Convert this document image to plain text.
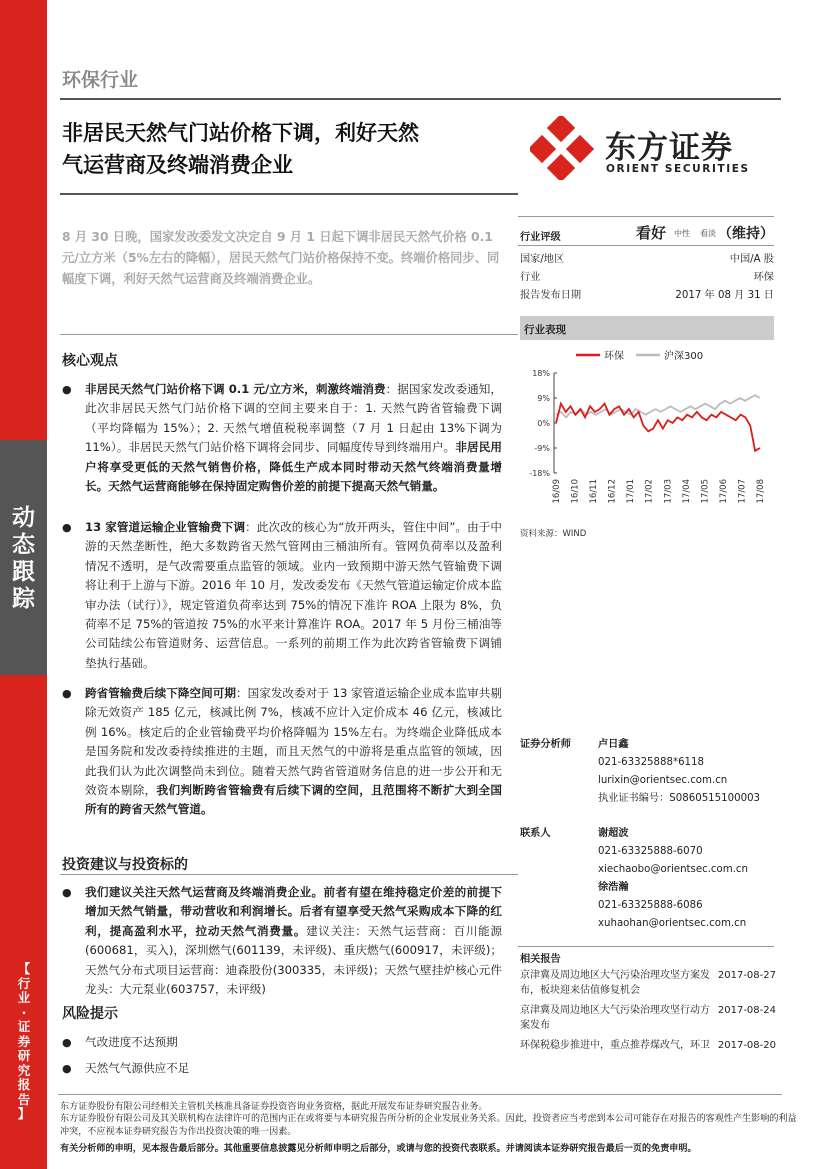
动
态
跟
踪
【
行
业
·
证
券
研
究
报
告
】
环保行业
非居民天然气门站价格下调，利好天然
气运营商及终端消费企业	东方证券
ORIENT SECURITIES
8 月 30 日晚，国家发改委发文决定自 9 月 1 日起下调非居民天然气价格 0.1 元/立方米（5%左右的降幅），居民天然气门站价格保持不变。终端价格同步、同幅度下调，利好天然气运营商及终端消费企业。
核心观点
● 非居民天然气门站价格下调 0.1 元/立方米，刺激终端消费：据国家发改委通知，此次非居民天然气门站价格下调的空间主要来自于：1. 天然气跨省管输费下调（平均降幅为 15%）；2. 天然气增值税税率调整（7 月 1 日起由 13%下调为 11%）。非居民天然气门站价格下调将会同步、同幅度传导到终端用户。非居民用户将享受更低的天然气销售价格，降低生产成本同时带动天然气终端消费量增长。天然气运营商能够在保持固定购售价差的前提下提高天然气销量。
● 13 家管道运输企业管输费下调：此次改的核心为“放开两头，管住中间”。由于中游的天然垄断性，绝大多数跨省天然气管网由三桶油所有。管网负荷率以及盈利情况不透明，是气改需要重点监管的领域。业内一致预期中游天然气管输费下调将让利于上游与下游。2016 年 10 月，发改委发布《天然气管道运输定价成本监审办法（试行）》，规定管道负荷率达到 75%的情况下准许 ROA 上限为 8%，负荷率不足 75%的管道按 75%的水平来计算准许 ROA。2017 年 5 月份三桶油等公司陆续公布管道财务、运营信息。一系列的前期工作为此次跨省管输费下调铺垫执行基础。
● 跨省管输费后续下降空间可期：国家发改委对于 13 家管道运输企业成本监审共剔除无效资产 185 亿元，核减比例 7%，核减不应计入定价成本 46 亿元，核减比例 16%。核定后的企业管输费平均价格降幅为 15%左右。为终端企业降低成本是国务院和发改委持续推进的主题，而且天然气的中游将是重点监管的领域，因此我们认为此次调整尚未到位。随着天然气跨省管道财务信息的进一步公开和无效资本剔除，我们判断跨省管输费有后续下调的空间，且范围将不断扩大到全国所有的跨省天然气管道。
投资建议与投资标的
● 我们建议关注天然气运营商及终端消费企业。前者有望在维持稳定价差的前提下增加天然气销量，带动营收和利润增长。后者有望享受天然气采购成本下降的红利，提高盈利水平，拉动天然气消费量。建议关注：天然气运营商：百川能源(600681，买入)，深圳燃气(601139，未评级)、重庆燃气(600917，未评级)；天然气分布式项目运营商：迪森股份(300335，未评级)；天然气壁挂炉核心元件龙头：大元泵业(603757，未评级)
风险提示
● 气改进度不达预期
● 天然气气源供应不足
行业评级	看好 中性 看淡 （维持）
国家/地区	中国/A 股
行业	环保
报告发布日期	2017 年 08 月 31 日
行业表现
环保	沪深300
18%
9%
0%
-9%
-18%
16/09 16/10 16/11 16/12 17/01 17/02 17/03 17/04 17/05 17/06 17/07 17/08
资料来源：WIND
证券分析师	卢日鑫
021-63325888*6118
lurixin@orientsec.com.cn
执业证书编号：S0860515100003
联系人	谢超波
021-63325888-6070
xiechaobo@orientsec.com.cn
徐浩瀚
021-63325888-6086
xuhaohan@orientsec.com.cn
相关报告
京津冀及周边地区大气污染治理攻坚方案发布，板块迎来估值修复机会	2017-08-27
京津冀及周边地区大气污染治理攻坚行动方案发布	2017-08-24
环保税稳步推进中，重点推荐煤改气，环卫	2017-08-20
东方证券股份有限公司经相关主管机关核准具备证券投资咨询业务资格，据此开展发布证券研究报告业务。
东方证券股份有限公司及其关联机构在法律许可的范围内正在或将要与本研究报告所分析的企业发展业务关系。因此，投资者应当考虑到本公司可能存在对报告的客观性产生影响的利益冲突，不应视本证券研究报告为作出投资决策的唯一因素。
有关分析师的申明，见本报告最后部分。其他重要信息披露见分析师申明之后部分，或请与您的投资代表联系。并请阅读本证券研究报告最后一页的免责申明。
